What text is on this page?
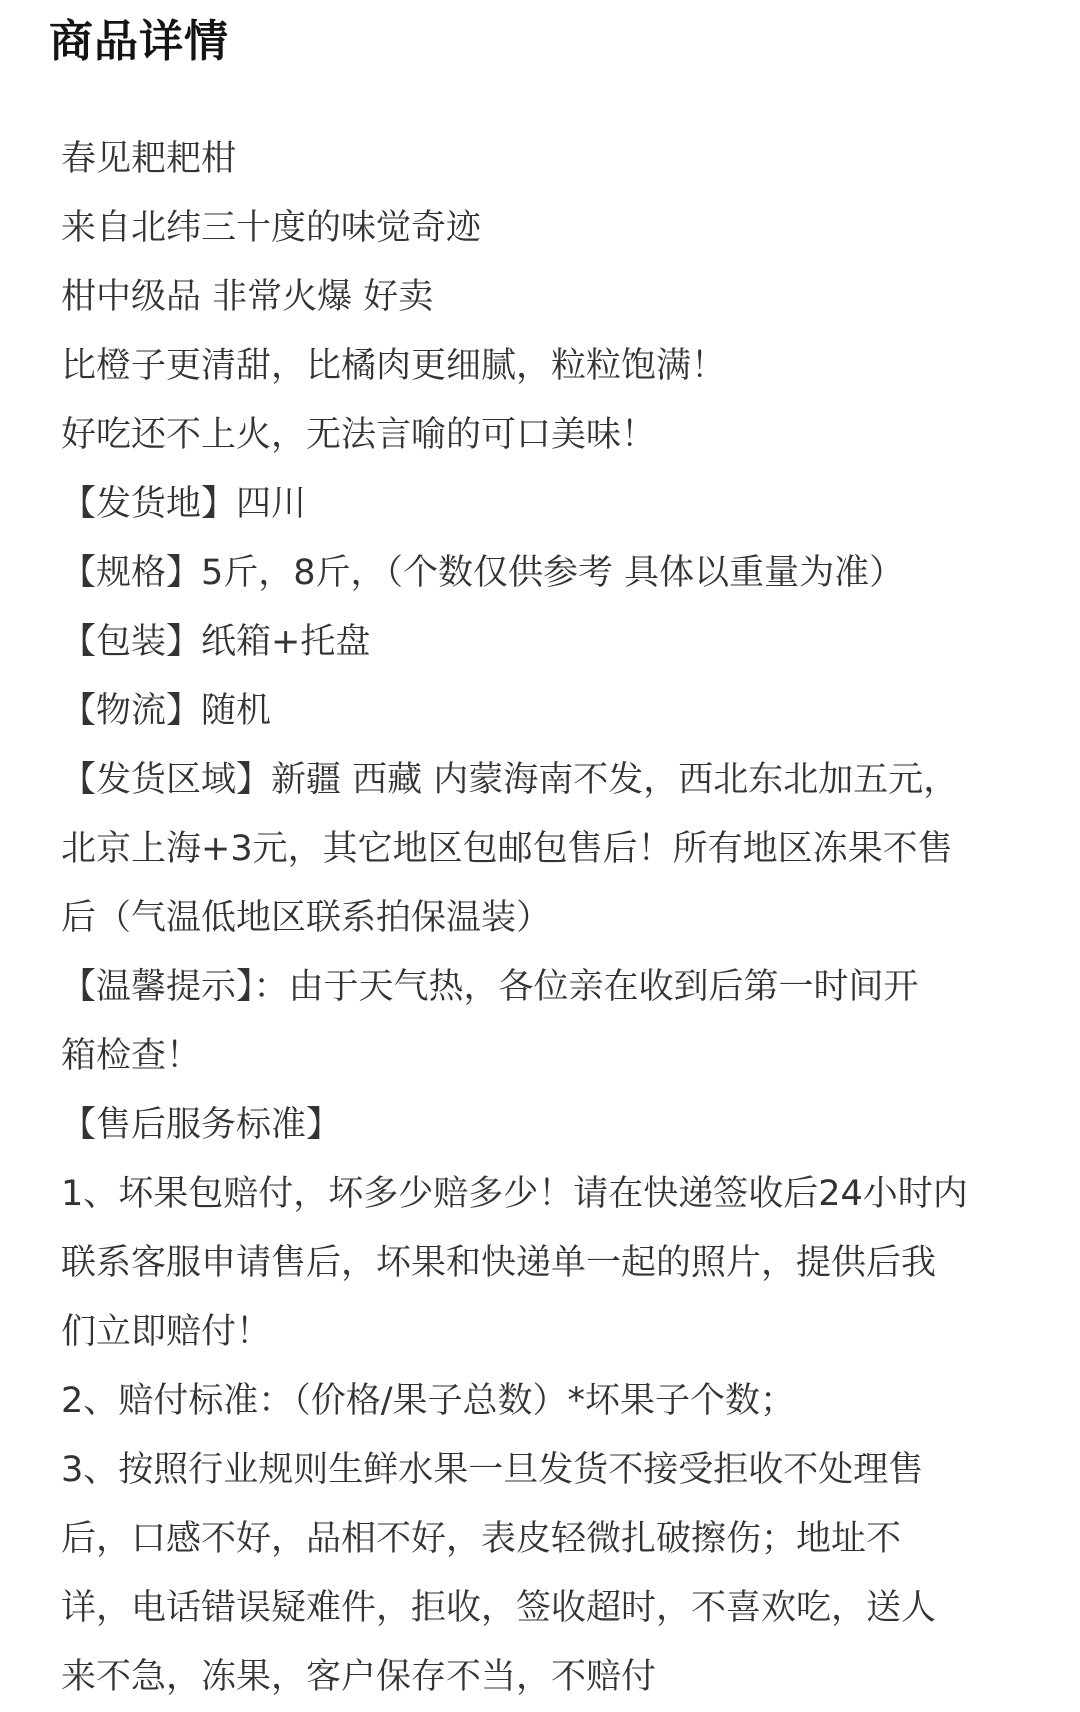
商品详情
春见耙耙柑
来自北纬三十度的味觉奇迹
柑中级品 非常火爆 好卖
比橙子更清甜，比橘肉更细腻，粒粒饱满！
好吃还不上火，无法言喻的可口美味！
【发货地】四川
【规格】5斤，8斤，（个数仅供参考 具体以重量为准）
【包装】纸箱+托盘
【物流】随机
【发货区域】新疆 西藏 内蒙海南不发，西北东北加五元，
北京上海+3元，其它地区包邮包售后！所有地区冻果不售
后（气温低地区联系拍保温装）
【温馨提示】：由于天气热，各位亲在收到后第一时间开
箱检查！
【售后服务标准】
1、坏果包赔付，坏多少赔多少！请在快递签收后24小时内
联系客服申请售后，坏果和快递单一起的照片，提供后我
们立即赔付！
2、赔付标准：（价格/果子总数）*坏果子个数；
3、按照行业规则生鲜水果一旦发货不接受拒收不处理售
后，口感不好，品相不好，表皮轻微扎破擦伤；地址不
详，电话错误疑难件，拒收，签收超时，不喜欢吃，送人
来不急，冻果，客户保存不当，不赔付
